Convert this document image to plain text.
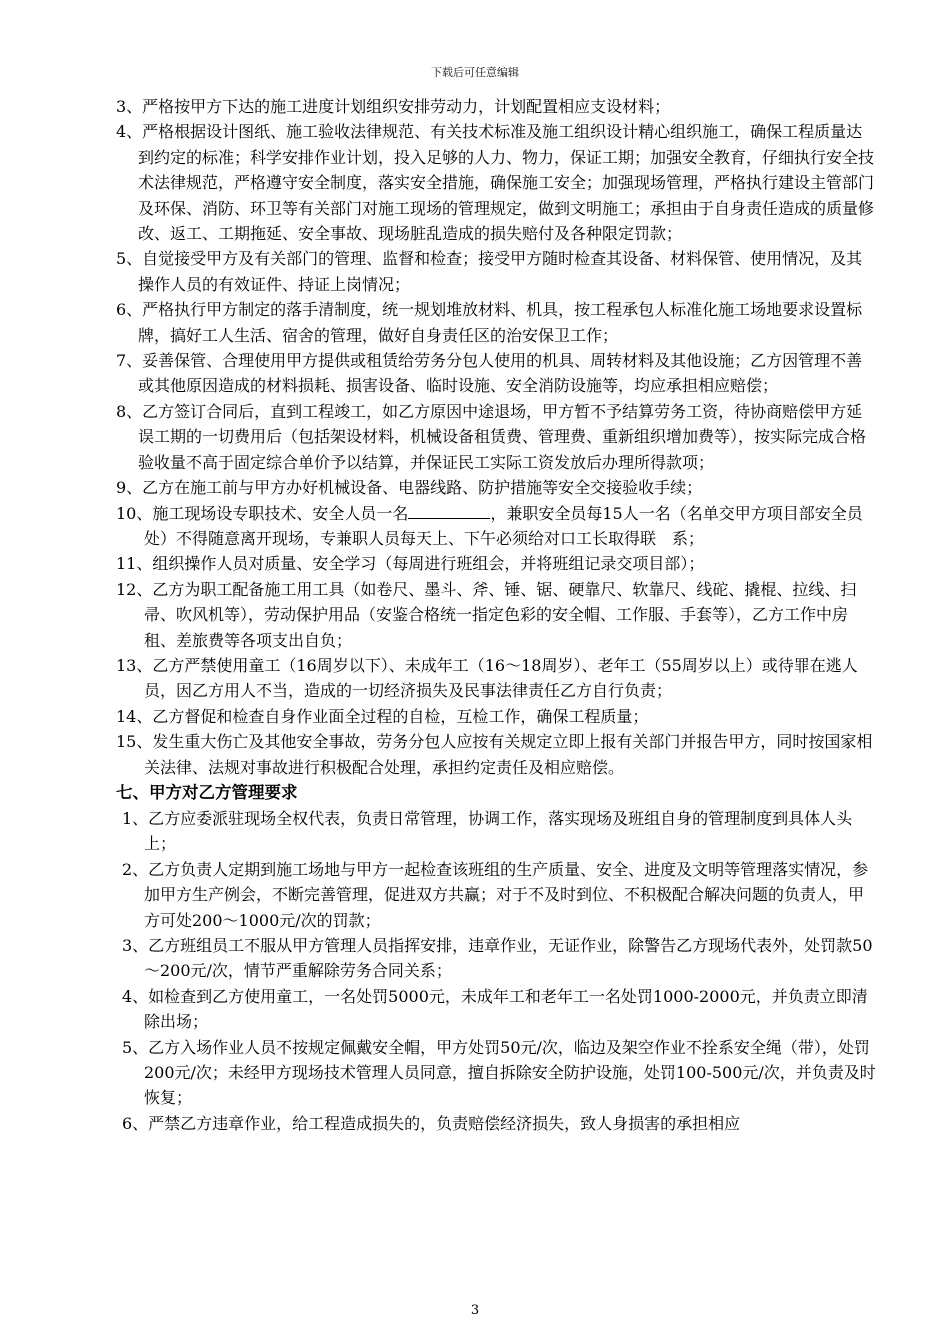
下载后可任意编辑
3、严格按甲方下达的施工进度计划组织安排劳动力，计划配置相应支设材料；
4、严格根据设计图纸、施工验收法律规范、有关技术标准及施工组织设计精心组织施工，确保工程质量达到约定的标准；科学安排作业计划，投入足够的人力、物力，保证工期；加强安全教育，仔细执行安全技术法律规范，严格遵守安全制度，落实安全措施，确保施工安全；加强现场管理，严格执行建设主管部门及环保、消防、环卫等有关部门对施工现场的管理规定，做到文明施工；承担由于自身责任造成的质量修改、返工、工期拖延、安全事故、现场脏乱造成的损失赔付及各种限定罚款；
5、自觉接受甲方及有关部门的管理、监督和检查；接受甲方随时检查其设备、材料保管、使用情况，及其操作人员的有效证件、持证上岗情况；
6、严格执行甲方制定的落手清制度，统一规划堆放材料、机具，按工程承包人标准化施工场地要求设置标牌，搞好工人生活、宿舍的管理，做好自身责任区的治安保卫工作；
7、妥善保管、合理使用甲方提供或租赁给劳务分包人使用的机具、周转材料及其他设施；乙方因管理不善或其他原因造成的材料损耗、损害设备、临时设施、安全消防设施等，均应承担相应赔偿；
8、乙方签订合同后，直到工程竣工，如乙方原因中途退场，甲方暂不予结算劳务工资，待协商赔偿甲方延误工期的一切费用后（包括架设材料，机械设备租赁费、管理费、重新组织增加费等），按实际完成合格验收量不高于固定综合单价予以结算，并保证民工实际工资发放后办理所得款项；
9、乙方在施工前与甲方办好机械设备、电器线路、防护措施等安全交接验收手续；
10、施工现场设专职技术、安全人员一名	，兼职安全员每15人一名（名单交甲方项目部安全员处）不得随意离开现场，专兼职人员每天上、下午必须给对口工长取得联　系；
11、组织操作人员对质量、安全学习（每周进行班组会，并将班组记录交项目部）；
12、乙方为职工配备施工用工具（如卷尺、墨斗、斧、锤、锯、硬靠尺、软靠尺、线砣、撬棍、拉线、扫帚、吹风机等），劳动保护用品（安鉴合格统一指定色彩的安全帽、工作服、手套等），乙方工作中房租、差旅费等各项支出自负；
13、乙方严禁使用童工（16周岁以下）、未成年工（16～18周岁）、老年工（55周岁以上）或待罪在逃人员，因乙方用人不当，造成的一切经济损失及民事法律责任乙方自行负责；
14、乙方督促和检查自身作业面全过程的自检，互检工作，确保工程质量；
15、发生重大伤亡及其他安全事故，劳务分包人应按有关规定立即上报有关部门并报告甲方，同时按国家相关法律、法规对事故进行积极配合处理，承担约定责任及相应赔偿。
七、甲方对乙方管理要求
1、乙方应委派驻现场全权代表，负责日常管理，协调工作，落实现场及班组自身的管理制度到具体人头上；
2、乙方负责人定期到施工场地与甲方一起检查该班组的生产质量、安全、进度及文明等管理落实情况，参加甲方生产例会，不断完善管理，促进双方共赢；对于不及时到位、不积极配合解决问题的负责人，甲方可处200～1000元/次的罚款；
3、乙方班组员工不服从甲方管理人员指挥安排，违章作业，无证作业，除警告乙方现场代表外，处罚款50～200元/次，情节严重解除劳务合同关系；
4、如检查到乙方使用童工，一名处罚5000元，未成年工和老年工一名处罚1000-2000元，并负责立即清除出场；
5、乙方入场作业人员不按规定佩戴安全帽，甲方处罚50元/次，临边及架空作业不拴系安全绳（带），处罚200元/次；未经甲方现场技术管理人员同意，擅自拆除安全防护设施，处罚100-500元/次，并负责及时恢复；
6、严禁乙方违章作业，给工程造成损失的，负责赔偿经济损失，致人身损害的承担相应
3
